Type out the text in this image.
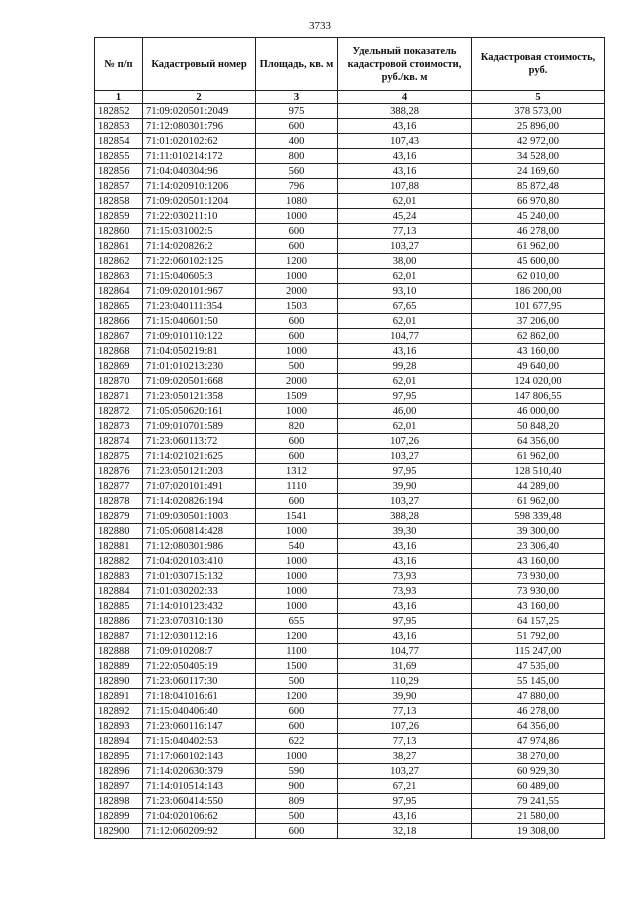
3733
№ п/п	Кадастровый номер	Площадь, кв. м	Удельный показатель кадастровой стоимости, руб./кв. м	Кадастровая стоимость, руб.
1	2	3	4	5
182852	71:09:020501:2049	975	388,28	378 573,00
182853	71:12:080301:796	600	43,16	25 896,00
182854	71:01:020102:62	400	107,43	42 972,00
182855	71:11:010214:172	800	43,16	34 528,00
182856	71:04:040304:96	560	43,16	24 169,60
182857	71:14:020910:1206	796	107,88	85 872,48
182858	71:09:020501:1204	1080	62,01	66 970,80
182859	71:22:030211:10	1000	45,24	45 240,00
182860	71:15:031002:5	600	77,13	46 278,00
182861	71:14:020826:2	600	103,27	61 962,00
182862	71:22:060102:125	1200	38,00	45 600,00
182863	71:15:040605:3	1000	62,01	62 010,00
182864	71:09:020101:967	2000	93,10	186 200,00
182865	71:23:040111:354	1503	67,65	101 677,95
182866	71:15:040601:50	600	62,01	37 206,00
182867	71:09:010110:122	600	104,77	62 862,00
182868	71:04:050219:81	1000	43,16	43 160,00
182869	71:01:010213:230	500	99,28	49 640,00
182870	71:09:020501:668	2000	62,01	124 020,00
182871	71:23:050121:358	1509	97,95	147 806,55
182872	71:05:050620:161	1000	46,00	46 000,00
182873	71:09:010701:589	820	62,01	50 848,20
182874	71:23:060113:72	600	107,26	64 356,00
182875	71:14:021021:625	600	103,27	61 962,00
182876	71:23:050121:203	1312	97,95	128 510,40
182877	71:07:020101:491	1110	39,90	44 289,00
182878	71:14:020826:194	600	103,27	61 962,00
182879	71:09:030501:1003	1541	388,28	598 339,48
182880	71:05:060814:428	1000	39,30	39 300,00
182881	71:12:080301:986	540	43,16	23 306,40
182882	71:04:020103:410	1000	43,16	43 160,00
182883	71:01:030715:132	1000	73,93	73 930,00
182884	71:01:030202:33	1000	73,93	73 930,00
182885	71:14:010123:432	1000	43,16	43 160,00
182886	71:23:070310:130	655	97,95	64 157,25
182887	71:12:030112:16	1200	43,16	51 792,00
182888	71:09:010208:7	1100	104,77	115 247,00
182889	71:22:050405:19	1500	31,69	47 535,00
182890	71:23:060117:30	500	110,29	55 145,00
182891	71:18:041016:61	1200	39,90	47 880,00
182892	71:15:040406:40	600	77,13	46 278,00
182893	71:23:060116:147	600	107,26	64 356,00
182894	71:15:040402:53	622	77,13	47 974,86
182895	71:17:060102:143	1000	38,27	38 270,00
182896	71:14:020630:379	590	103,27	60 929,30
182897	71:14:010514:143	900	67,21	60 489,00
182898	71:23:060414:550	809	97,95	79 241,55
182899	71:04:020106:62	500	43,16	21 580,00
182900	71:12:060209:92	600	32,18	19 308,00
